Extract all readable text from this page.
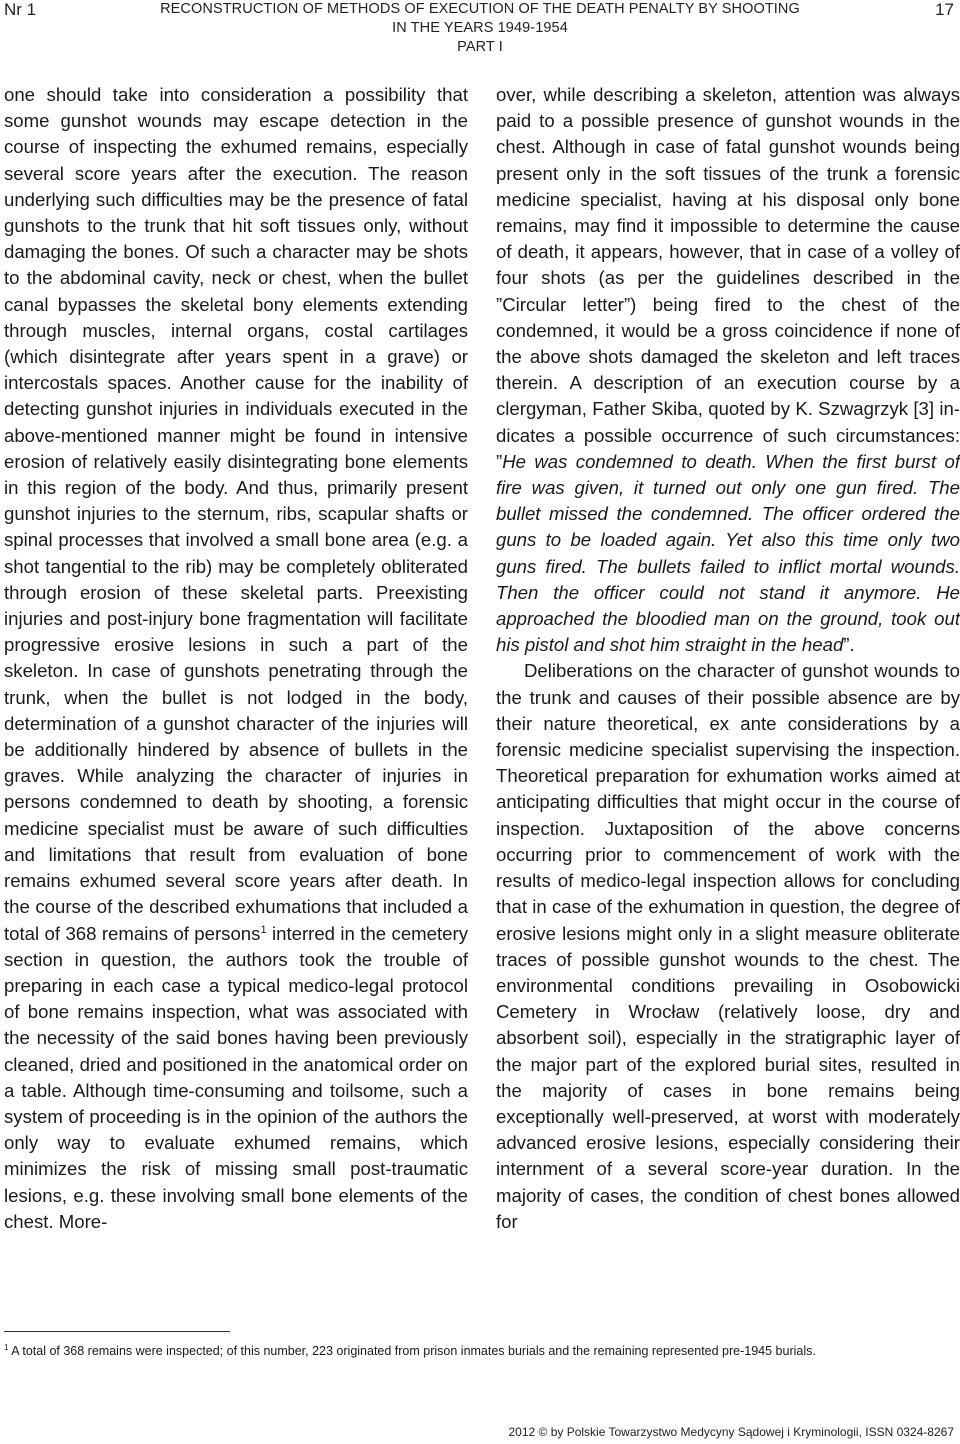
Nr 1	RECONSTRUCTION OF METHODS OF EXECUTION OF THE DEATH PENALTY BY SHOOTING
IN THE YEARS 1949-1954
PART I
17

one should take into consideration a possibility that some gunshot wounds may escape detection in the course of inspecting the exhumed remains, especially several score years after the execution. The reason underlying such difficulties may be the presence of fatal gunshots to the trunk that hit soft tissues only, without damaging the bones. Of such a character may be shots to the abdominal cavity, neck or chest, when the bullet canal bypasses the skeletal bony elements extending through muscles, internal organs, costal cartilages (which disintegrate after years spent in a grave) or intercostals spaces. Another cause for the inability of detecting gunshot injuries in individuals executed in the above-mentioned manner might be found in intensive erosion of relatively easily disintegrating bone elements in this region of the body. And thus, primarily present gunshot injuries to the sternum, ribs, scapular shafts or spinal processes that involved a small bone area (e.g. a shot tangential to the rib) may be completely obliterated through erosion of these skeletal parts. Preexisting injuries and post-injury bone fragmentation will facilitate progressive erosive lesions in such a part of the skeleton. In case of gunshots penetrating through the trunk, when the bullet is not lodged in the body, determination of a gunshot character of the injuries will be additionally hindered by absence of bullets in the graves. While analyzing the character of injuries in persons condemned to death by shooting, a forensic medicine specialist must be aware of such difficulties and limitations that result from evaluation of bone remains exhumed several score years after death. In the course of the described exhumations that included a total of 368 remains of persons$^1$ interred in the cemetery section in question, the authors took the trouble of preparing in each case a typical medico-legal protocol of bone remains inspection, what was associated with the necessity of the said bones having been previously cleaned, dried and positioned in the anatomical order on a table. Although time-consuming and toilsome, such a system of proceeding is in the opinion of the authors the only way to evaluate exhumed remains, which minimizes the risk of missing small post-traumatic lesions, e.g. these involving small bone elements of the chest. More-

over, while describing a skeleton, attention was always paid to a possible presence of gunshot wounds in the chest. Although in case of fatal gunshot wounds being present only in the soft tissues of the trunk a forensic medicine specialist, having at his disposal only bone remains, may find it impossible to determine the cause of death, it appears, however, that in case of a volley of four shots (as per the guidelines described in the ”Circular letter”) being fired to the chest of the condemned, it would be a gross coincidence if none of the above shots damaged the skeleton and left traces therein. A description of an execution course by a clergyman, Father Skiba, quoted by K. Szwagrzyk [3] indicates a possible occurrence of such circumstances: ”He was condemned to death. When the first burst of fire was given, it turned out only one gun fired. The bullet missed the condemned. The officer ordered the guns to be loaded again. Yet also this time only two guns fired. The bullets failed to inflict mortal wounds. Then the officer could not stand it anymore. He approached the bloodied man on the ground, took out his pistol and shot him straight in the head”.

Deliberations on the character of gunshot wounds to the trunk and causes of their possible absence are by their nature theoretical, ex ante considerations by a forensic medicine specialist supervising the inspection. Theoretical preparation for exhumation works aimed at anticipating difficulties that might occur in the course of inspection. Juxtaposition of the above concerns occurring prior to commencement of work with the results of medico-legal inspection allows for concluding that in case of the exhumation in question, the degree of erosive lesions might only in a slight measure obliterate traces of possible gunshot wounds to the chest. The environmental conditions prevailing in Osobowicki Cemetery in Wrocław (relatively loose, dry and absorbent soil), especially in the stratigraphic layer of the major part of the explored burial sites, resulted in the majority of cases in bone remains being exceptionally well-preserved, at worst with moderately advanced erosive lesions, especially considering their internment of a several score-year duration. In the majority of cases, the condition of chest bones allowed for

$^1$ A total of 368 remains were inspected; of this number, 223 originated from prison inmates burials and the remaining represented pre-1945 burials.
2012 © by Polskie Towarzystwo Medycyny Sądowej i Kryminologii, ISSN 0324-8267
